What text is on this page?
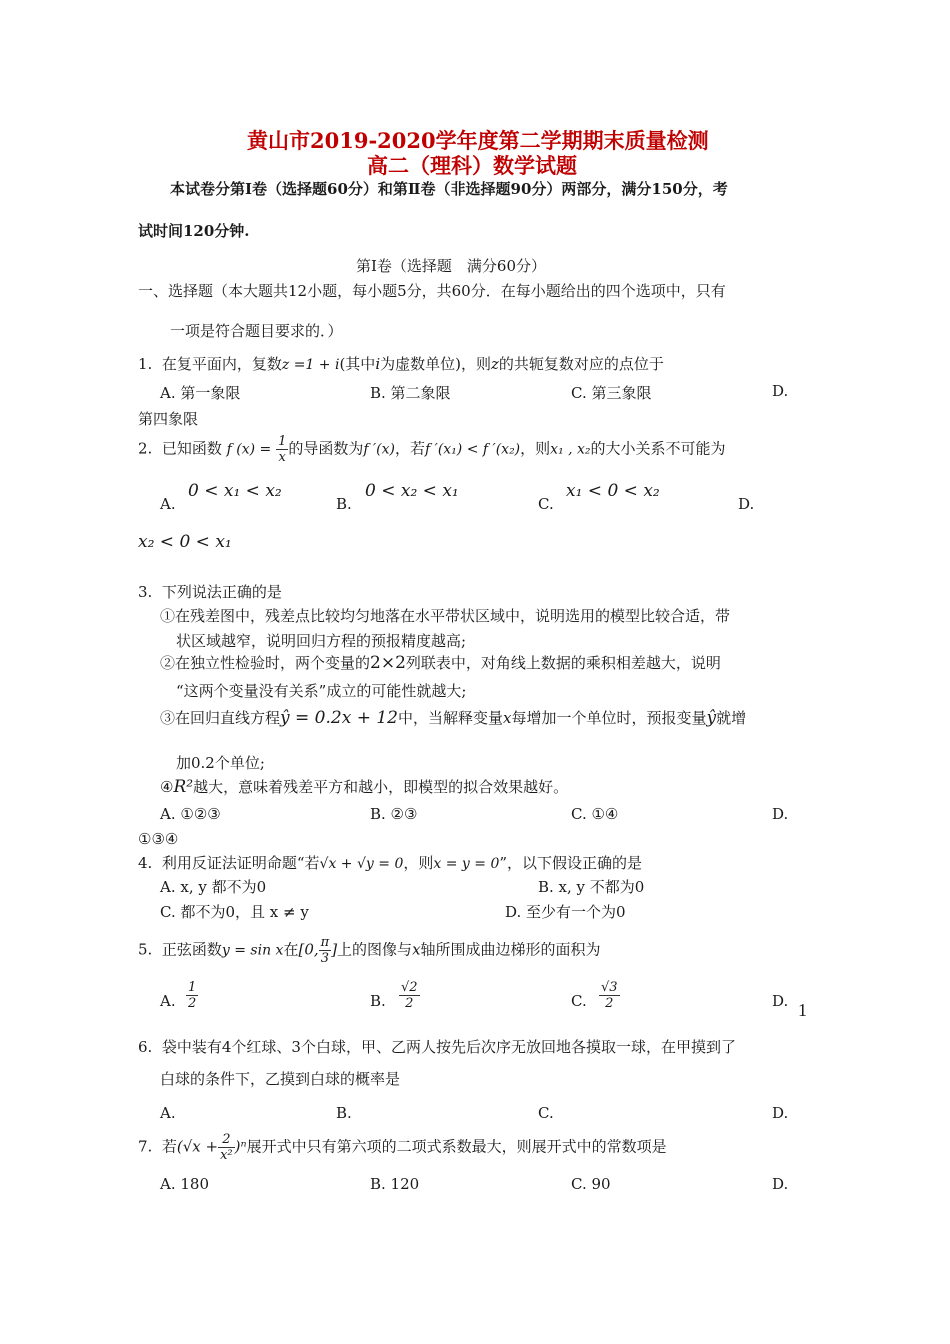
黄山市2019-2020学年度第二学期期末质量检测
高二（理科）数学试题
本试卷分第Ⅰ卷（选择题60分）和第Ⅱ卷（非选择题90分）两部分，满分150分，考
试时间120分钟.
第Ⅰ卷（选择题　满分60分）
一、选择题（本大题共12小题，每小题5分，共60分．在每小题给出的四个选项中，只有
一项是符合题目要求的．）
1. 在复平面内，复数z =1 + i(其中i为虚数单位)，则z的共轭复数对应的点位于
A. 第一象限	B. 第二象限	C. 第三象限	D.
第四象限
2. 已知函数 f $(x) = \frac{1}{x}$ 的导函数为f ′(x)，若f ′(x₁) < f ′(x₂)，则x₁ , x₂的大小关系不可能为
A.
0 < x₁ < x₂
B.
0 < x₂ < x₁
C.
x₁ < 0 < x₂
D.
x₂ < 0 < x₁
3. 下列说法正确的是
①在残差图中，残差点比较均匀地落在水平带状区域中，说明选用的模型比较合适，带
状区域越窄，说明回归方程的预报精度越高;
②在独立性检验时，两个变量的2×2列联表中，对角线上数据的乘积相差越大，说明
“这两个变量没有关系”成立的可能性就越大;
③在回归直线方程ŷ = 0.2x + 12中，当解释变量x每增加一个单位时，预报变量ŷ就增
加0.2个单位;
④R²越大，意味着残差平方和越小，即模型的拟合效果越好。
A. ①②③	B. ②③	C. ①④	D.
①③④
4. 利用反证法证明命题“若√x + √y = 0，则x = y = 0”，以下假设正确的是
A. x, y 都不为0	B. x, y 不都为0
C. 都不为0，且 x ≠ y	D. 至少有一个为0
5. 正弦函数y = sin x在[0, $\frac{\pi}{3}$ ]上的图像与x轴所围成曲边梯形的面积为
A. $\frac{1}{2}$	B. $\frac{√2}{2}$	C. $\frac{√3}{2}$	D. 1
6. 袋中装有4个红球、3个白球，甲、乙两人按先后次序无放回地各摸取一球，在甲摸到了
白球的条件下，乙摸到白球的概率是
A.	B.	C.	D.
7. 若$(√x + \frac{2}{\text{x²}} )^n$展开式中只有第六项的二项式系数最大，则展开式中的常数项是
A. 180	B. 120	C. 90	D.
